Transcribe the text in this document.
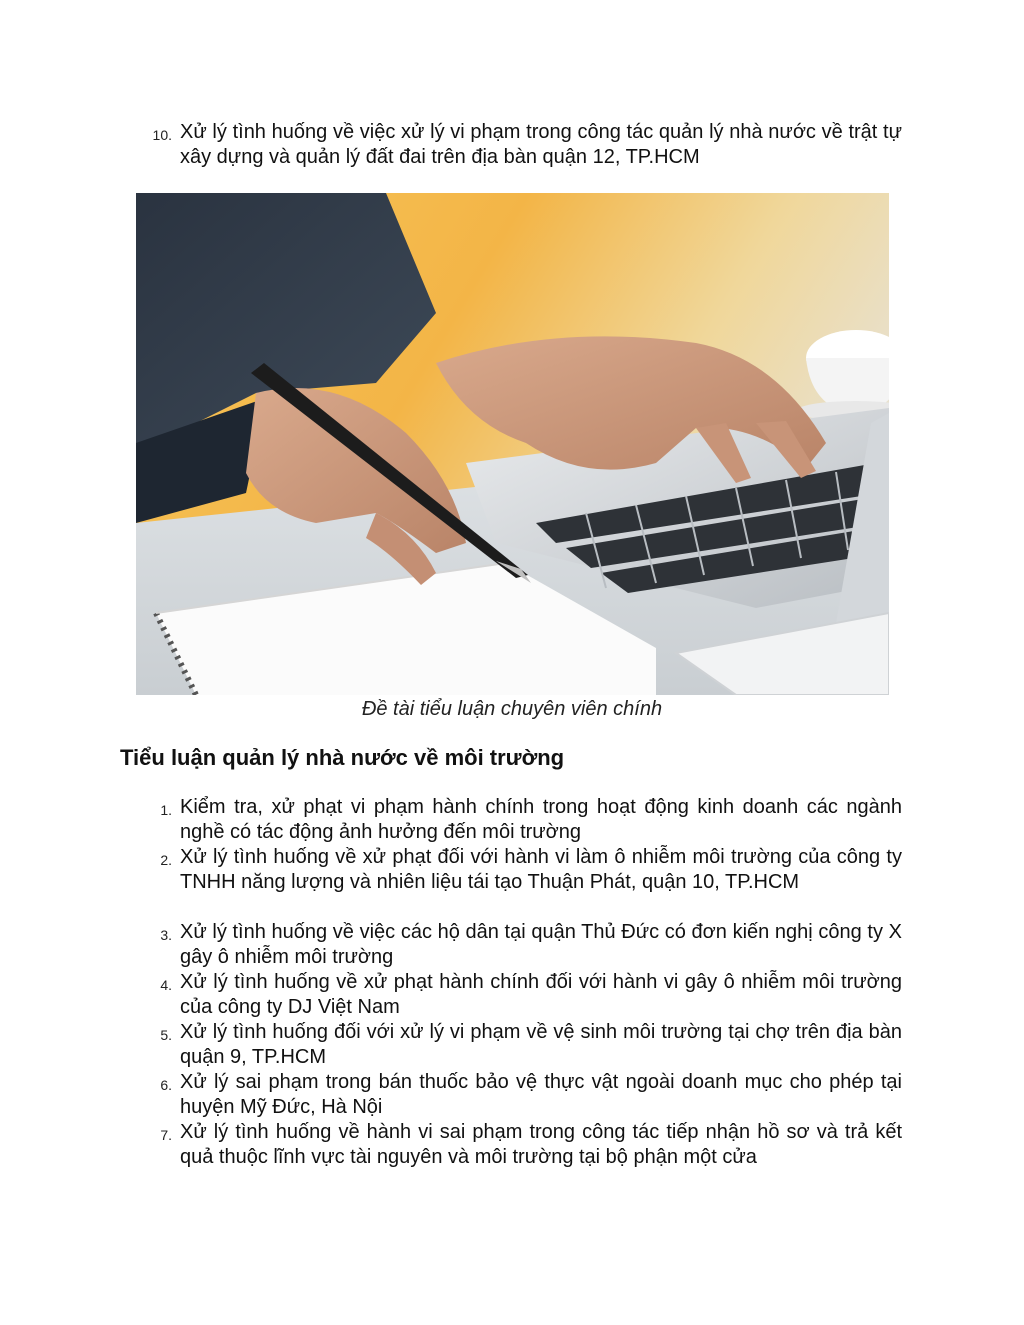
10. Xử lý tình huống về việc xử lý vi phạm trong công tác quản lý nhà nước về trật tự xây dựng và quản lý đất đai trên địa bàn quận 12, TP.HCM
Đề tài tiểu luận chuyên viên chính
Tiểu luận quản lý nhà nước về môi trường
1. Kiểm tra, xử phạt vi phạm hành chính trong hoạt động kinh doanh các ngành nghề có tác động ảnh hưởng đến môi trường
2. Xử lý tình huống về xử phạt đối với hành vi làm ô nhiễm môi trường của công ty TNHH năng lượng và nhiên liệu tái tạo Thuận Phát, quận 10, TP.HCM
3. Xử lý tình huống về việc các hộ dân tại quận Thủ Đức có đơn kiến nghị công ty X gây ô nhiễm môi trường
4. Xử lý tình huống về xử phạt hành chính đối với hành vi gây ô nhiễm môi trường của công ty DJ Việt Nam
5. Xử lý tình huống đối với xử lý vi phạm về vệ sinh môi trường tại chợ trên địa bàn quận 9, TP.HCM
6. Xử lý sai phạm trong bán thuốc bảo vệ thực vật ngoài doanh mục cho phép tại huyện Mỹ Đức, Hà Nội
7. Xử lý tình huống về hành vi sai phạm trong công tác tiếp nhận hồ sơ và trả kết quả thuộc lĩnh vực tài nguyên và môi trường tại bộ phận một cửa
